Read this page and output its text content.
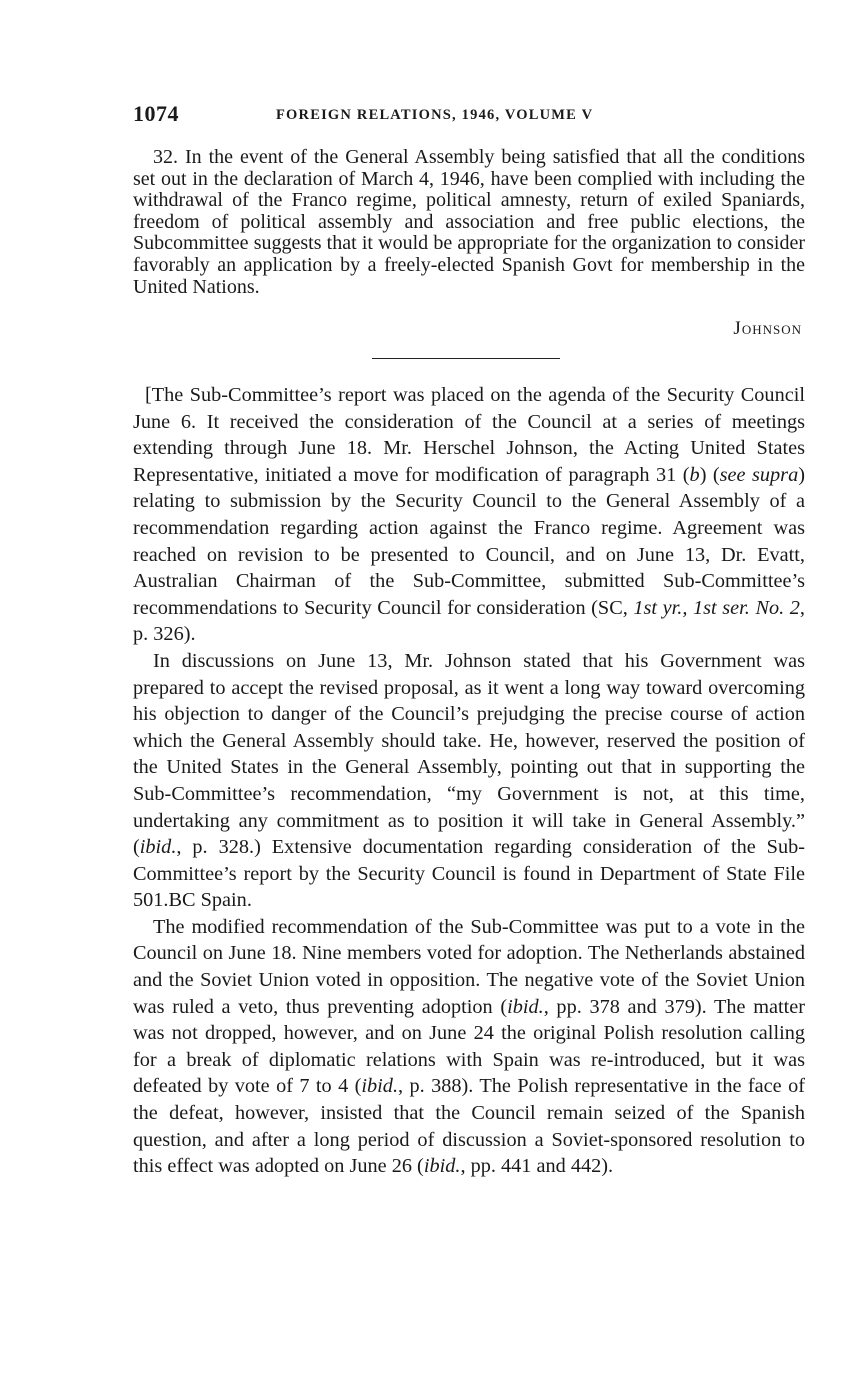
1074	FOREIGN RELATIONS, 1946, VOLUME V

32. In the event of the General Assembly being satisfied that all the conditions set out in the declaration of March 4, 1946, have been complied with including the withdrawal of the Franco regime, political amnesty, return of exiled Spaniards, freedom of political assembly and association and free public elections, the Subcommittee suggests that it would be appropriate for the organization to consider favorably an application by a freely-elected Spanish Govt for membership in the United Nations.

Johnson

[The Sub-Committee’s report was placed on the agenda of the Security Council June 6. It received the consideration of the Council at a series of meetings extending through June 18. Mr. Herschel Johnson, the Acting United States Representative, initiated a move for modification of paragraph 31 (b) (see supra) relating to submission by the Security Council to the General Assembly of a recommendation regarding action against the Franco regime. Agreement was reached on revision to be presented to Council, and on June 13, Dr. Evatt, Australian Chairman of the Sub-Committee, submitted Sub-Committee’s recommendations to Security Council for consideration (SC, 1st yr., 1st ser. No. 2, p. 326).

In discussions on June 13, Mr. Johnson stated that his Government was prepared to accept the revised proposal, as it went a long way toward overcoming his objection to danger of the Council’s prejudging the precise course of action which the General Assembly should take. He, however, reserved the position of the United States in the General Assembly, pointing out that in supporting the Sub-Committee’s recommendation, “my Government is not, at this time, undertaking any commitment as to position it will take in General Assembly.” (ibid., p. 328.) Extensive documentation regarding consideration of the Sub-Committee’s report by the Security Council is found in Department of State File 501.BC Spain.

The modified recommendation of the Sub-Committee was put to a vote in the Council on June 18. Nine members voted for adoption. The Netherlands abstained and the Soviet Union voted in opposition. The negative vote of the Soviet Union was ruled a veto, thus preventing adoption (ibid., pp. 378 and 379). The matter was not dropped, however, and on June 24 the original Polish resolution calling for a break of diplomatic relations with Spain was re-introduced, but it was defeated by vote of 7 to 4 (ibid., p. 388). The Polish representative in the face of the defeat, however, insisted that the Council remain seized of the Spanish question, and after a long period of discussion a Soviet-sponsored resolution to this effect was adopted on June 26 (ibid., pp. 441 and 442).
